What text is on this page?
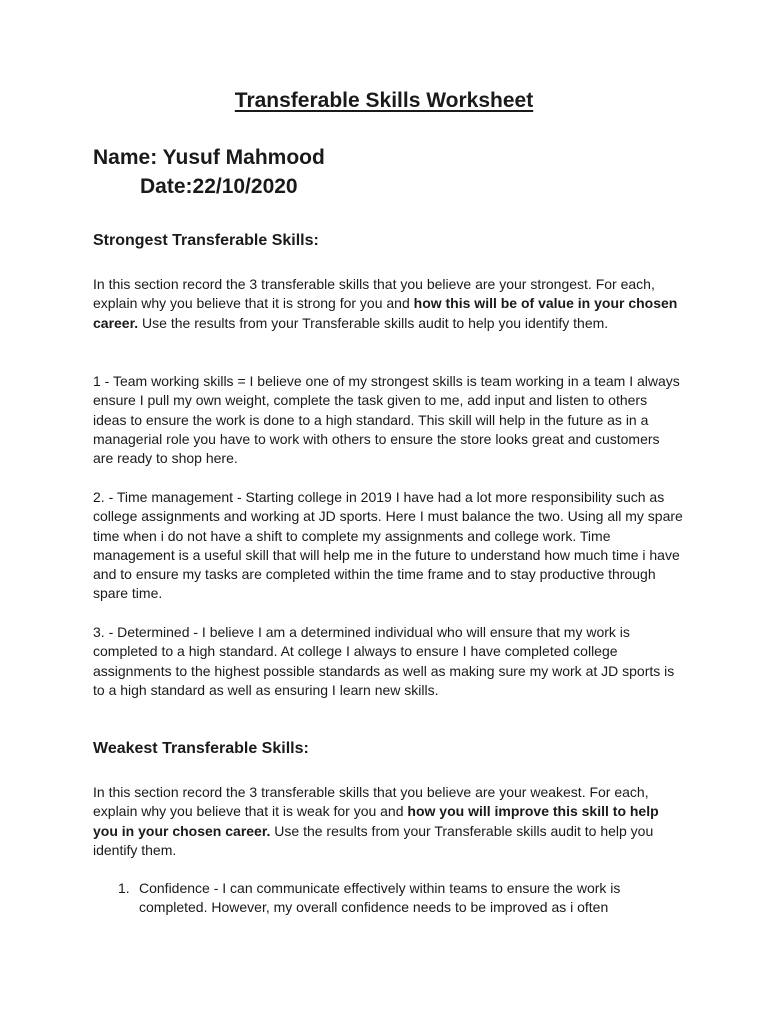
Transferable Skills Worksheet

Name: Yusuf Mahmood

Date:22/10/2020

Strongest Transferable Skills:

In this section record the 3 transferable skills that you believe are your strongest. For each, explain why you believe that it is strong for you and how this will be of value in your chosen career. Use the results from your Transferable skills audit to help you identify them.

1 - Team working skills = I believe one of my strongest skills is team working in a team I always ensure I pull my own weight, complete the task given to me, add input and listen to others ideas to ensure the work is done to a high standard. This skill will help in the future as in a managerial role you have to work with others to ensure the store looks great and customers are ready to shop here.

2. - Time management - Starting college in 2019 I have had a lot more responsibility such as college assignments and working at JD sports. Here I must balance the two. Using all my spare time when i do not have a shift to complete my assignments and college work. Time management is a useful skill that will help me in the future to understand how much time i have and to ensure my tasks are completed within the time frame and to stay productive through spare time.

3. - Determined - I believe I am a determined individual who will ensure that my work is completed to a high standard. At college I always to ensure I have completed college assignments to the highest possible standards as well as making sure my work at JD sports is to a high standard as well as ensuring I learn new skills.

Weakest Transferable Skills:

In this section record the 3 transferable skills that you believe are your weakest. For each, explain why you believe that it is weak for you and how you will improve this skill to help you in your chosen career. Use the results from your Transferable skills audit to help you identify them.

1. Confidence - I can communicate effectively within teams to ensure the work is completed. However, my overall confidence needs to be improved as i often
